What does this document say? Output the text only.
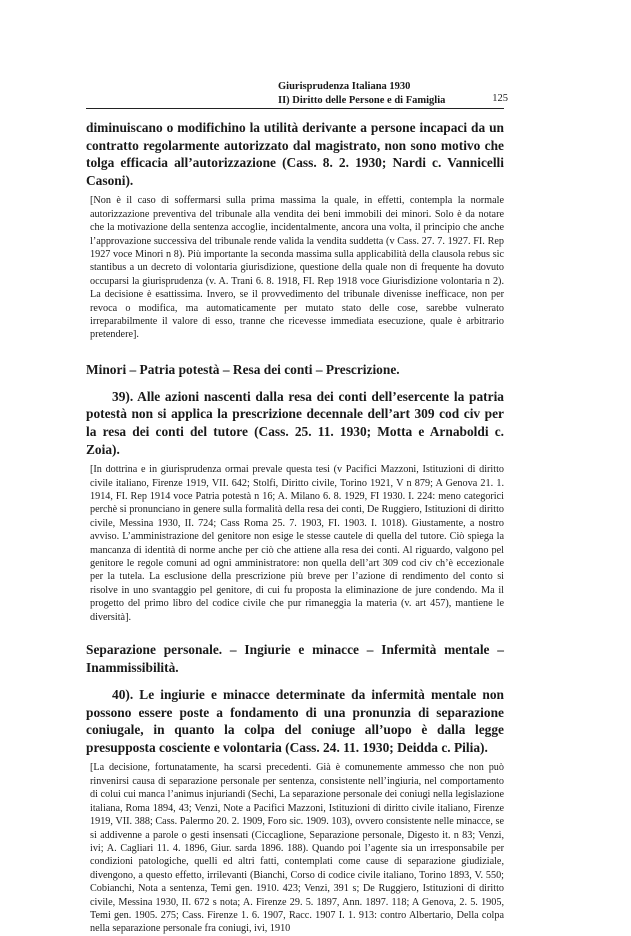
Giurisprudenza Italiana 1930
II) Diritto delle Persone e di Famiglia	125

diminuiscano o modifichino la utilità derivante a persone incapaci da un contratto regolarmente autorizzato dal magistrato, non sono motivo che tolga efficacia all’autorizzazione (Cass. 8. 2. 1930; Nardi c. Vannicelli Casoni).

[Non è il caso di soffermarsi sulla prima massima la quale, in effetti, contempla la normale autorizzazione preventiva del tribunale alla vendita dei beni immobili dei minori. Solo è da notare che la motivazione della sentenza accoglie, incidentalmente, ancora una volta, il principio che anche l’approvazione successiva del tribunale rende valida la vendita suddetta (v Cass. 27. 7. 1927. FI. Rep 1927 voce Minori n 8). Più importante la seconda massima sulla applicabilità della clausola rebus sic stantibus a un decreto di volontaria giurisdizione, questione della quale non di frequente ha dovuto occuparsi la giurisprudenza (v. A. Trani 6. 8. 1918, FI. Rep 1918 voce Giurisdizione volontaria n 2). La decisione è esattissima. Invero, se il provvedimento del tribunale divenisse inefficace, non per revoca o modifica, ma automaticamente per mutato stato delle cose, sarebbe vulnerato irreparabilmente il valore di esso, tranne che ricevesse immediata esecuzione, quale è arbitrario pretendere].

Minori – Patria potestà – Resa dei conti – Prescrizione.

39). Alle azioni nascenti dalla resa dei conti dell’esercente la patria potestà non si applica la prescrizione decennale dell’art 309 cod civ per la resa dei conti del tutore (Cass. 25. 11. 1930; Motta e Arnaboldi c. Zoia).

[In dottrina e in giurisprudenza ormai prevale questa tesi (v Pacifici Mazzoni, Istituzioni di diritto civile italiano, Firenze 1919, VII. 642; Stolfi, Diritto civile, Torino 1921, V n 879; A Genova 21. 1. 1914, FI. Rep 1914 voce Patria potestà n 16; A. Milano 6. 8. 1929, FI 1930. I. 224: meno categorici perchè si pronunciano in genere sulla formalità della resa dei conti, De Ruggiero, Istituzioni di diritto civile, Messina 1930, II. 724; Cass Roma 25. 7. 1903, FI. 1903. I. 1018). Giustamente, a nostro avviso. L’amministrazione del genitore non esige le stesse cautele di quella del tutore. Ciò spiega la mancanza di identità di norme anche per ciò che attiene alla resa dei conti. Al riguardo, valgono pel genitore le regole comuni ad ogni amministratore: non quella dell’art 309 cod civ ch’è eccezionale per la tutela. La esclusione della prescrizione più breve per l’azione di rendimento del conto si risolve in uno svantaggio pel genitore, di cui fu proposta la eliminazione de jure condendo. Ma il progetto del primo libro del codice civile che pur rimaneggia la materia (v. art 457), mantiene le diversità].

Separazione personale. – Ingiurie e minacce – Infermità mentale – Inammissibilità.

40). Le ingiurie e minacce determinate da infermità mentale non possono essere poste a fondamento di una pronunzia di separazione coniugale, in quanto la colpa del coniuge all’uopo è dalla legge presupposta cosciente e volontaria (Cass. 24. 11. 1930; Deidda c. Pilia).

[La decisione, fortunatamente, ha scarsi precedenti. Già è comunemente ammesso che non può rinvenirsi causa di separazione personale per sentenza, consistente nell’ingiuria, nel comportamento di colui cui manca l’animus injuriandi (Sechi, La separazione personale dei coniugi nella legislazione italiana, Roma 1894, 43; Venzi, Note a Pacifici Mazzoni, Istituzioni di diritto civile italiano, Firenze 1919, VII. 388; Cass. Palermo 20. 2. 1909, Foro sic. 1909. 103), ovvero consistente nelle minacce, se si addivenne a parole o gesti insensati (Ciccaglione, Separazione personale, Digesto it. n 83; Venzi, ivi; A. Cagliari 11. 4. 1896, Giur. sarda 1896. 188). Quando poi l’agente sia un irresponsabile per condizioni patologiche, quelli ed altri fatti, contemplati come cause di separazione giudiziale, divengono, a questo effetto, irrilevanti (Bianchi, Corso di codice civile italiano, Torino 1893, V. 550; Cobianchi, Nota a sentenza, Temi gen. 1910. 423; Venzi, 391 s; De Ruggiero, Istituzioni di diritto civile, Messina 1930, II. 672 s nota; A. Firenze 29. 5. 1897, Ann. 1897. 118; A Genova, 2. 5. 1905, Temi gen. 1905. 275; Cass. Firenze 1. 6. 1907, Racc. 1907 I. 1. 913: contro Albertario, Della colpa nella separazione personale fra coniugi, ivi, 1910
